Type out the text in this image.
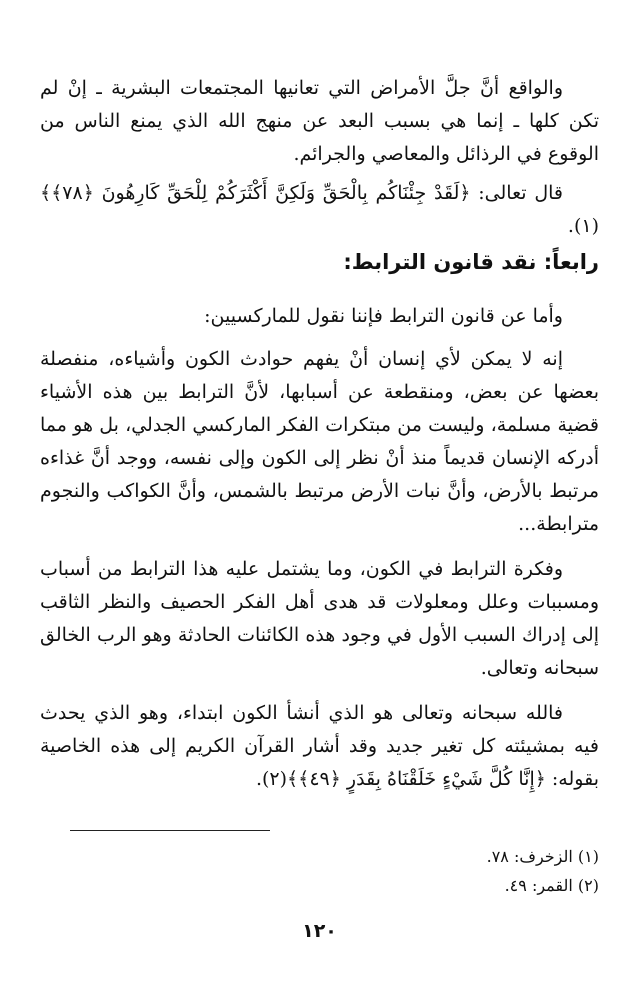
والواقع أنَّ جلَّ الأمراض التي تعانيها المجتمعات البشرية ـ إنْ لم تكن كلها ـ إنما هي بسبب البعد عن منهج الله الذي يمنع الناس من الوقوع في الرذائل والمعاصي والجرائم.

قال تعالى: ﴿لَقَدْ جِئْنَاكُم بِالْحَقِّ وَلَكِنَّ أَكْثَرَكُمْ لِلْحَقِّ كَارِهُونَ ﴿٧٨﴾﴾(١).

رابعاً: نقد قانون الترابط:

وأما عن قانون الترابط فإننا نقول للماركسيين:

إنه لا يمكن لأي إنسان أنْ يفهم حوادث الكون وأشياءه، منفصلة بعضها عن بعض، ومنقطعة عن أسبابها، لأنَّ الترابط بين هذه الأشياء قضية مسلمة، وليست من مبتكرات الفكر الماركسي الجدلي، بل هو مما أدركه الإنسان قديماً منذ أنْ نظر إلى الكون وإلى نفسه، ووجد أنَّ غذاءه مرتبط بالأرض، وأنَّ نبات الأرض مرتبط بالشمس، وأنَّ الكواكب والنجوم مترابطة...

وفكرة الترابط في الكون، وما يشتمل عليه هذا الترابط من أسباب ومسببات وعلل ومعلولات قد هدى أهل الفكر الحصيف والنظر الثاقب إلى إدراك السبب الأول في وجود هذه الكائنات الحادثة وهو الرب الخالق سبحانه وتعالى.

فالله سبحانه وتعالى هو الذي أنشأ الكون ابتداء، وهو الذي يحدث فيه بمشيئته كل تغير جديد وقد أشار القرآن الكريم إلى هذه الخاصية بقوله: ﴿إِنَّا كُلَّ شَيْءٍ خَلَقْنَاهُ بِقَدَرٍ ﴿٤٩﴾﴾(٢).

(١) الزخرف: ٧٨.
(٢) القمر: ٤٩.
١٢٠
